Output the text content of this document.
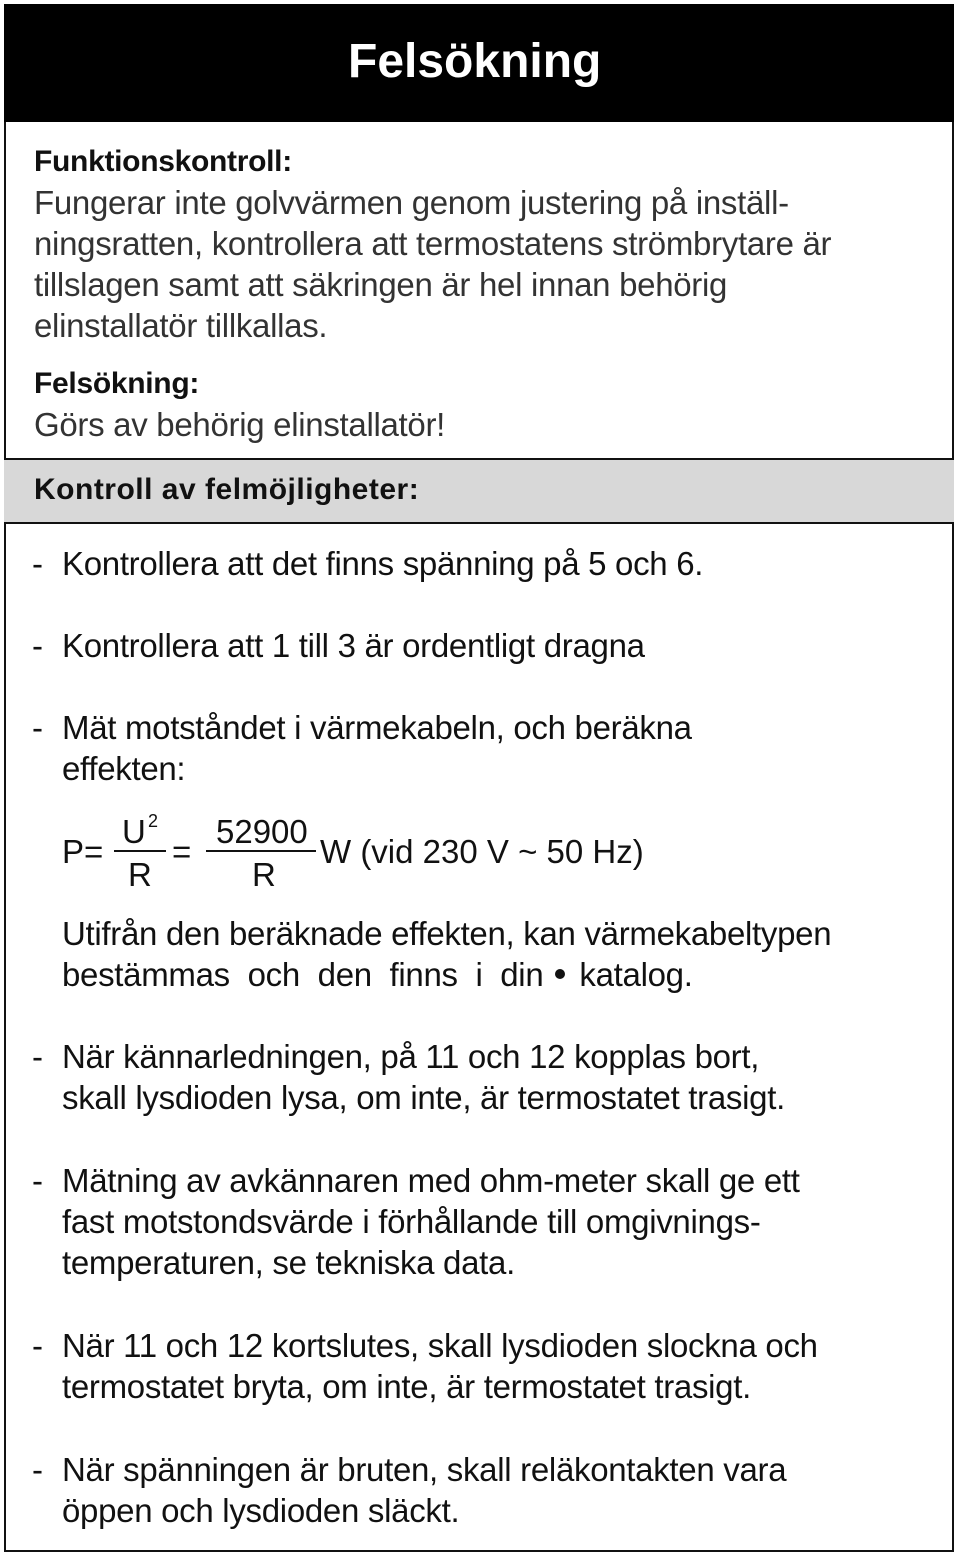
Felsökning
Funktionskontroll:
Fungerar inte golvvärmen genom justering på inställ-
ningsratten, kontrollera att termostatens strömbrytare är
tillslagen samt att säkringen är hel innan behörig
elinstallatör tillkallas.
Felsökning:
Görs av behörig elinstallatör!
Kontroll av felmöjligheter:
- Kontrollera att det finns spänning på 5 och 6.
- Kontrollera att 1 till 3 är ordentligt dragna
- Mät motståndet i värmekabeln, och beräkna
effekten:
P=
U 2
R
=
52900
R
W (vid 230 V ~ 50 Hz)
Utifrån den beräknade effekten, kan värmekabeltypen
bestämmas  och  den  finns  i  din katalog.
- När kännarledningen, på 11 och 12 kopplas bort,
skall lysdioden lysa, om inte, är termostatet trasigt.
- Mätning av avkännaren med ohm-meter skall ge ett
fast motstondsvärde i förhållande till omgivnings-
temperaturen, se tekniska data.
- När 11 och 12 kortslutes, skall lysdioden slockna och
termostatet bryta, om inte, är termostatet trasigt.
- När spänningen är bruten, skall reläkontakten vara
öppen och lysdioden släckt.
